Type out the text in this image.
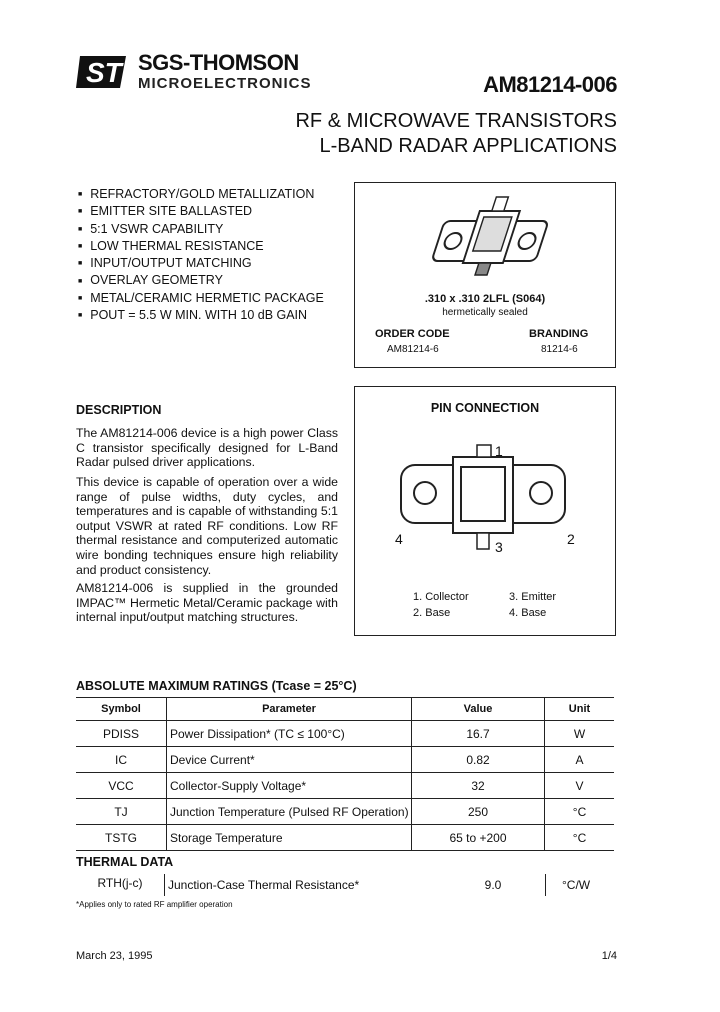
ST SGS-THOMSON
MICROELECTRONICS	AM81214-006
RF & MICROWAVE TRANSISTORS
L-BAND RADAR APPLICATIONS
■ REFRACTORY/GOLD METALLIZATION
■ EMITTER SITE BALLASTED
■ 5:1 VSWR CAPABILITY
■ LOW THERMAL RESISTANCE
■ INPUT/OUTPUT MATCHING
■ OVERLAY GEOMETRY
■ METAL/CERAMIC HERMETIC PACKAGE
■ POUT = 5.5 W MIN. WITH 10 dB GAIN
.310 x .310 2LFL (S064)
hermetically sealed
ORDER CODE
AM81214-6
BRANDING
81214-6
PIN CONNECTION
1
2
3
4
1. Collector
2. Base
3. Emitter
4. Base
DESCRIPTION
The AM81214-006 device is a high power Class C transistor specifically designed for L-Band Radar pulsed driver applications.
This device is capable of operation over a wide range of pulse widths, duty cycles, and temperatures and is capable of withstanding 5:1 output VSWR at rated RF conditions. Low RF thermal resistance and computerized automatic wire bonding techniques ensure high reliability and product consistency.
AM81214-006 is supplied in the grounded IMPAC™ Hermetic Metal/Ceramic package with internal input/output matching structures.
ABSOLUTE MAXIMUM RATINGS (Tcase = 25°C)
Symbol	Parameter	Value	Unit
PDISS	Power Dissipation* (TC ≤ 100°C)	16.7	W
IC	Device Current*	0.82	A
VCC	Collector-Supply Voltage*	32	V
TJ	Junction Temperature (Pulsed RF Operation)	250	°C
TSTG	Storage Temperature	65 to +200	°C
THERMAL DATA
RTH(j-c)	Junction-Case Thermal Resistance*	9.0	°C/W
*Applies only to rated RF amplifier operation
March 23, 1995	1/4
